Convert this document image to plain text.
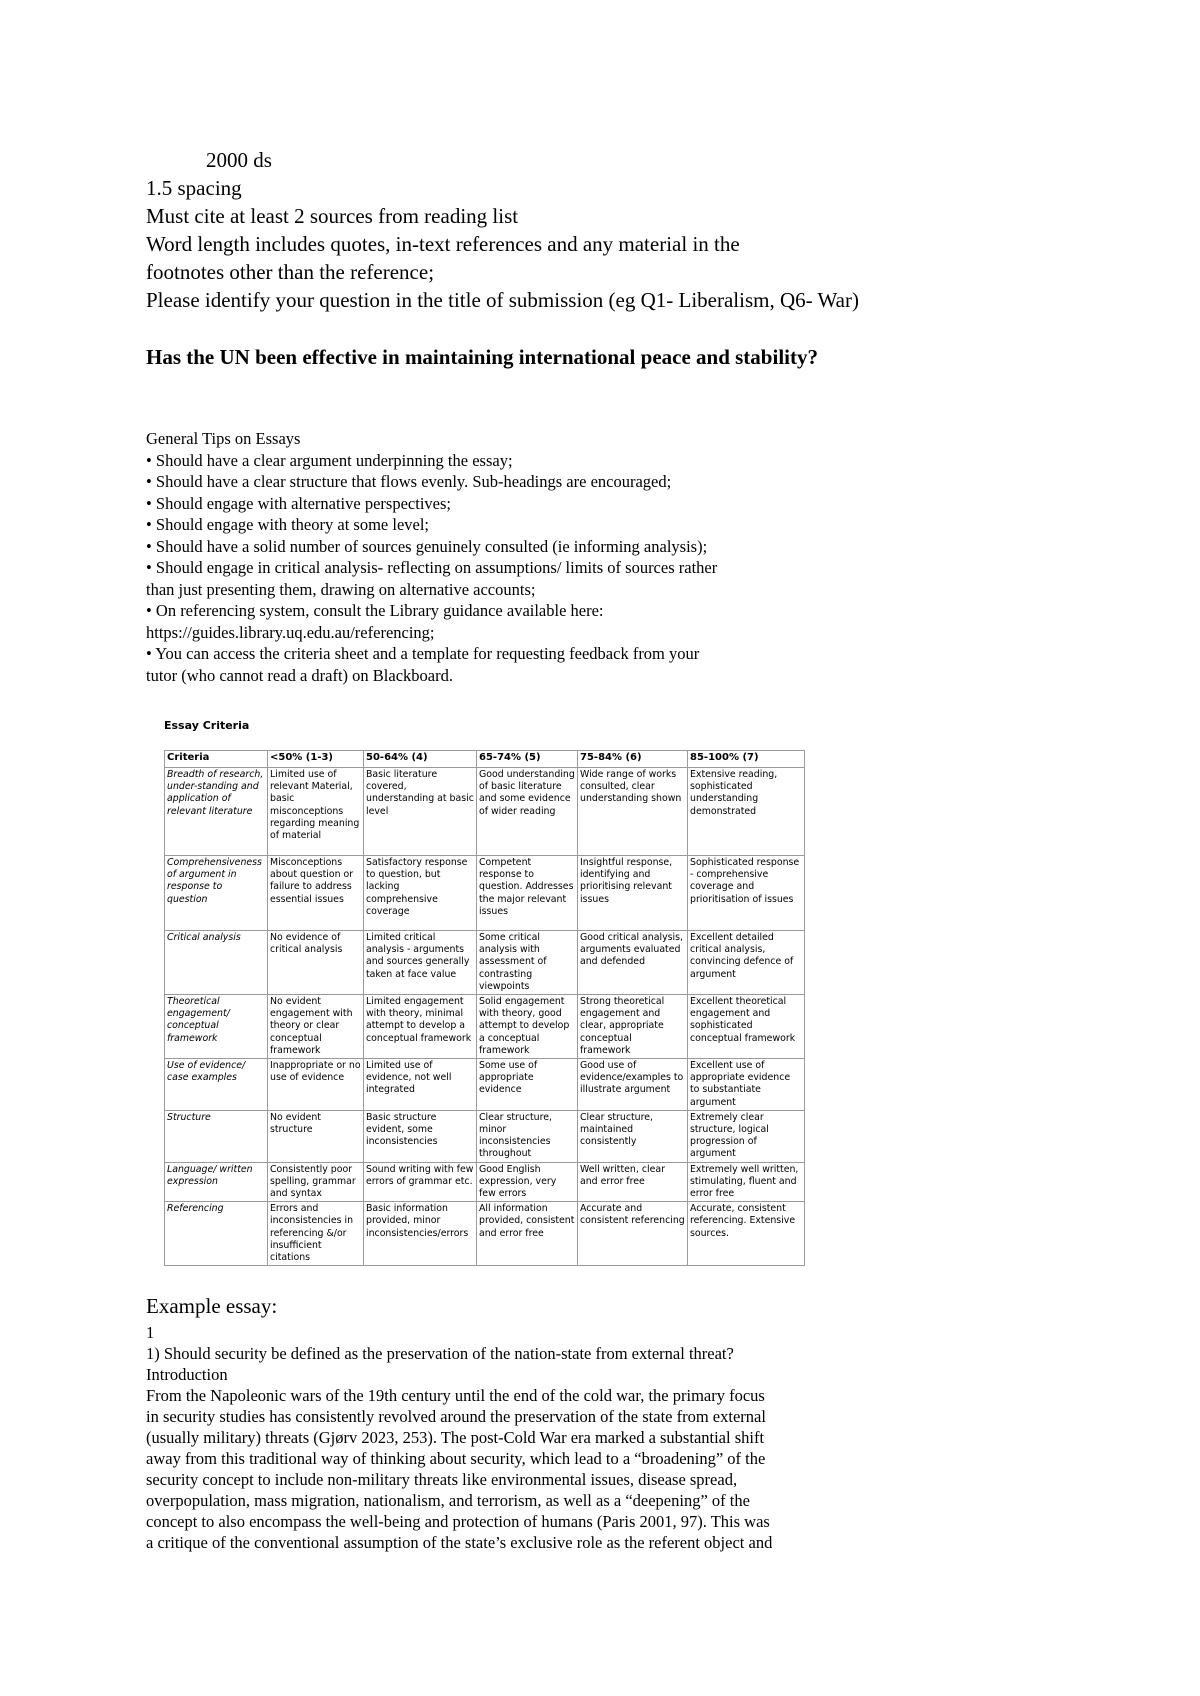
2000 ds
1.5 spacing
Must cite at least 2 sources from reading list
Word length includes quotes, in-text references and any material in the
footnotes other than the reference;
Please identify your question in the title of submission (eg Q1- Liberalism, Q6- War)
Has the UN been effective in maintaining international peace and stability?
General Tips on Essays
• Should have a clear argument underpinning the essay;
• Should have a clear structure that flows evenly. Sub-headings are encouraged;
• Should engage with alternative perspectives;
• Should engage with theory at some level;
• Should have a solid number of sources genuinely consulted (ie informing analysis);
• Should engage in critical analysis- reflecting on assumptions/ limits of sources rather
than just presenting them, drawing on alternative accounts;
• On referencing system, consult the Library guidance available here:
https://guides.library.uq.edu.au/referencing;
• You can access the criteria sheet and a template for requesting feedback from your
tutor (who cannot read a draft) on Blackboard.
Essay Criteria
Criteria	<50% (1-3)	50-64% (4)	65-74% (5)	75-84% (6)	85-100% (7)
Breadth of research, under-standing and application of relevant literature	Limited use of relevant Material, basic misconceptions regarding meaning of material	Basic literature covered, understanding at basic level	Good understanding of basic literature and some evidence of wider reading	Wide range of works consulted, clear understanding shown	Extensive reading, sophisticated understanding demonstrated
Comprehensiveness of argument in response to question	Misconceptions about question or failure to address essential issues	Satisfactory response to question, but lacking comprehensive coverage	Competent response to question. Addresses the major relevant issues	Insightful response, identifying and prioritising relevant issues	Sophisticated response - comprehensive coverage and prioritisation of issues
Critical analysis	No evidence of critical analysis	Limited critical analysis - arguments and sources generally taken at face value	Some critical analysis with assessment of contrasting viewpoints	Good critical analysis, arguments evaluated and defended	Excellent detailed critical analysis, convincing defence of argument
Theoretical engagement/ conceptual framework	No evident engagement with theory or clear conceptual framework	Limited engagement with theory, minimal attempt to develop a conceptual framework	Solid engagement with theory, good attempt to develop a conceptual framework	Strong theoretical engagement and clear, appropriate conceptual framework	Excellent theoretical engagement and sophisticated conceptual framework
Use of evidence/ case examples	Inappropriate or no use of evidence	Limited use of evidence, not well integrated	Some use of appropriate evidence	Good use of evidence/examples to illustrate argument	Excellent use of appropriate evidence to substantiate argument
Structure	No evident structure	Basic structure evident, some inconsistencies	Clear structure, minor inconsistencies throughout	Clear structure, maintained consistently	Extremely clear structure, logical progression of argument
Language/ written expression	Consistently poor spelling, grammar and syntax	Sound writing with few errors of grammar etc.	Good English expression, very few errors	Well written, clear and error free	Extremely well written, stimulating, fluent and error free
Referencing	Errors and inconsistencies in referencing &/or insufficient citations	Basic information provided, minor inconsistencies/errors	All information provided, consistent and error free	Accurate and consistent referencing	Accurate, consistent referencing. Extensive sources.
Example essay:
1
1) Should security be defined as the preservation of the nation-state from external threat?
Introduction
From the Napoleonic wars of the 19th century until the end of the cold war, the primary focus
in security studies has consistently revolved around the preservation of the state from external
(usually military) threats (Gjørv 2023, 253). The post-Cold War era marked a substantial shift
away from this traditional way of thinking about security, which lead to a “broadening” of the
security concept to include non-military threats like environmental issues, disease spread,
overpopulation, mass migration, nationalism, and terrorism, as well as a “deepening” of the
concept to also encompass the well-being and protection of humans (Paris 2001, 97). This was
a critique of the conventional assumption of the state’s exclusive role as the referent object and
